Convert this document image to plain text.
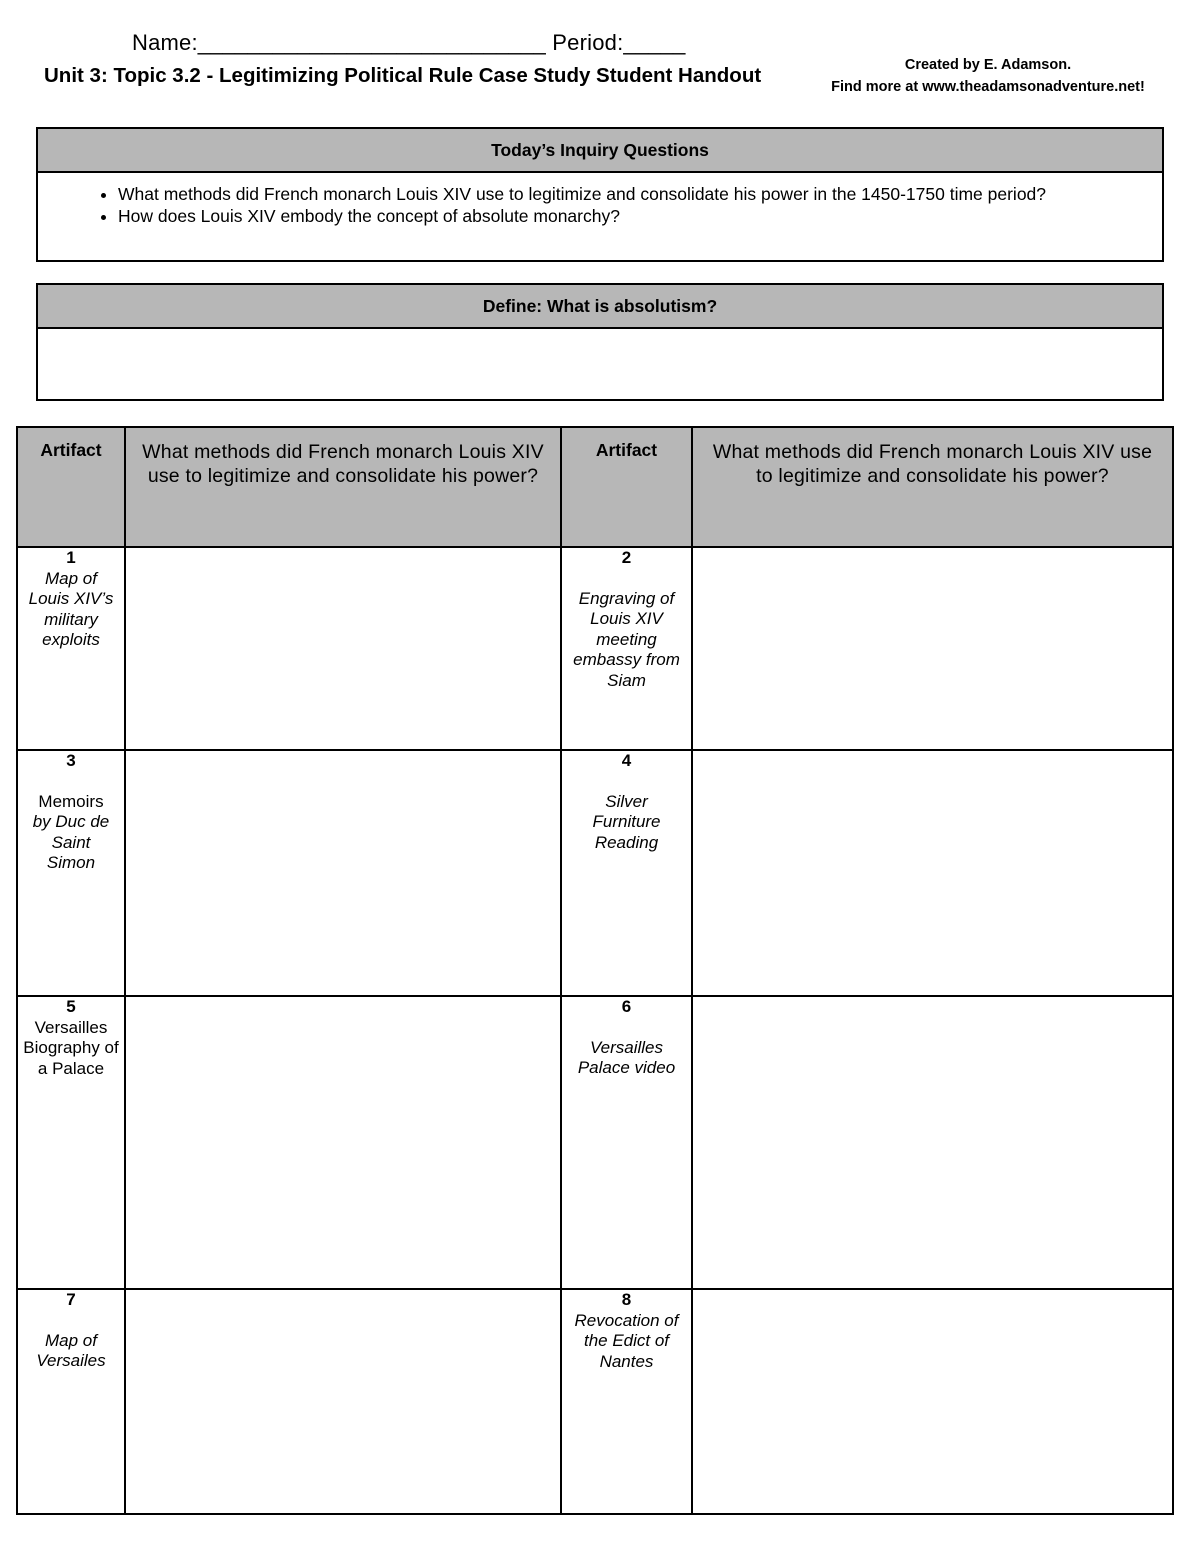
Name:____________________________ Period:_____
Unit 3: Topic 3.2 - Legitimizing Political Rule Case Study Student Handout	Created by E. Adamson.
Find more at www.theadamsonadventure.net!
Today’s Inquiry Questions
• What methods did French monarch Louis XIV use to legitimize and consolidate his power in the 1450-1750 time period?
• How does Louis XIV embody the concept of absolute monarchy?
Define: What is absolutism?
Artifact	What methods did French monarch Louis XIV use to legitimize and consolidate his power?	Artifact	What methods did French monarch Louis XIV use to legitimize and consolidate his power?

1
Map of Louis XIV’s military exploits		2
Engraving of Louis XIV meeting embassy from Siam	

3
Memoirs
by Duc de Saint Simon		4
Silver Furniture Reading	

5
Versailles Biography of a Palace		6
Versailles Palace video	

7
Map of Versailes		8
Revocation of the Edict of Nantes	
